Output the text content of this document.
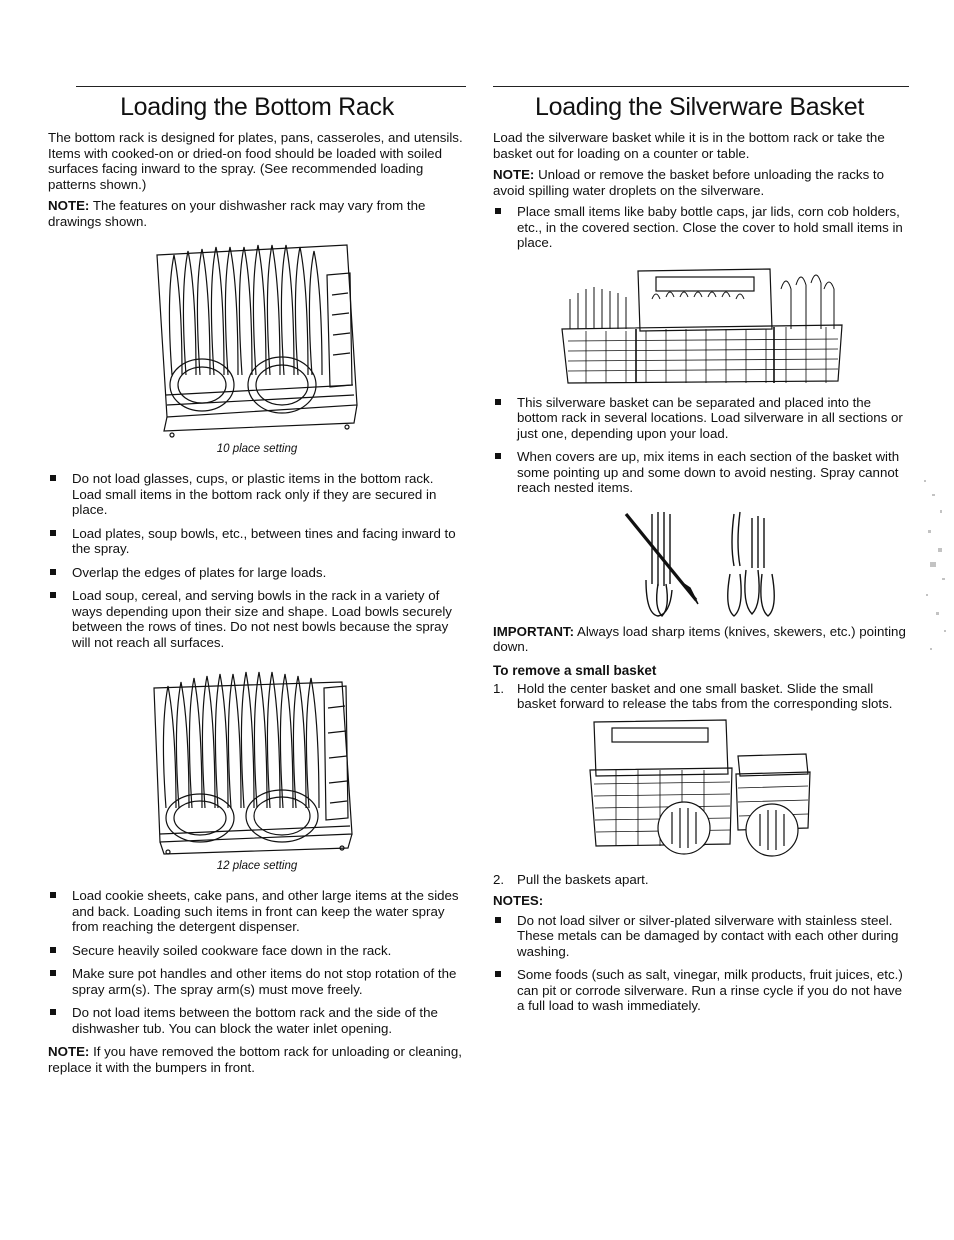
Loading the Bottom Rack

The bottom rack is designed for plates, pans, casseroles, and utensils. Items with cooked-on or dried-on food should be loaded with soiled surfaces facing inward to the spray. (See recommended loading patterns shown.)

NOTE: The features on your dishwasher rack may vary from the drawings shown.

10 place setting
Do not load glasses, cups, or plastic items in the bottom rack. Load small items in the bottom rack only if they are secured in place.
Load plates, soup bowls, etc., between tines and facing inward to the spray.
Overlap the edges of plates for large loads.
Load soup, cereal, and serving bowls in the rack in a variety of ways depending upon their size and shape. Load bowls securely between the rows of tines. Do not nest bowls because the spray will not reach all surfaces.
12 place setting
Load cookie sheets, cake pans, and other large items at the sides and back. Loading such items in front can keep the water spray from reaching the detergent dispenser.
Secure heavily soiled cookware face down in the rack.
Make sure pot handles and other items do not stop rotation of the spray arm(s). The spray arm(s) must move freely.
Do not load items between the bottom rack and the side of the dishwasher tub. You can block the water inlet opening.

NOTE: If you have removed the bottom rack for unloading or cleaning, replace it with the bumpers in front.

Loading the Silverware Basket

Load the silverware basket while it is in the bottom rack or take the basket out for loading on a counter or table.

NOTE: Unload or remove the basket before unloading the racks to avoid spilling water droplets on the silverware.

Place small items like baby bottle caps, jar lids, corn cob holders, etc., in the covered section. Close the cover to hold small items in place.
This silverware basket can be separated and placed into the bottom rack in several locations. Load silverware in all sections or just one, depending upon your load.
When covers are up, mix items in each section of the basket with some pointing up and some down to avoid nesting. Spray cannot reach nested items.

IMPORTANT: Always load sharp items (knives, skewers, etc.) pointing down.

To remove a small basket
1. Hold the center basket and one small basket. Slide the small basket forward to release the tabs from the corresponding slots.
2. Pull the baskets apart.

NOTES:

Do not load silver or silver-plated silverware with stainless steel. These metals can be damaged by contact with each other during washing.
Some foods (such as salt, vinegar, milk products, fruit juices, etc.) can pit or corrode silverware. Run a rinse cycle if you do not have a full load to wash immediately.
